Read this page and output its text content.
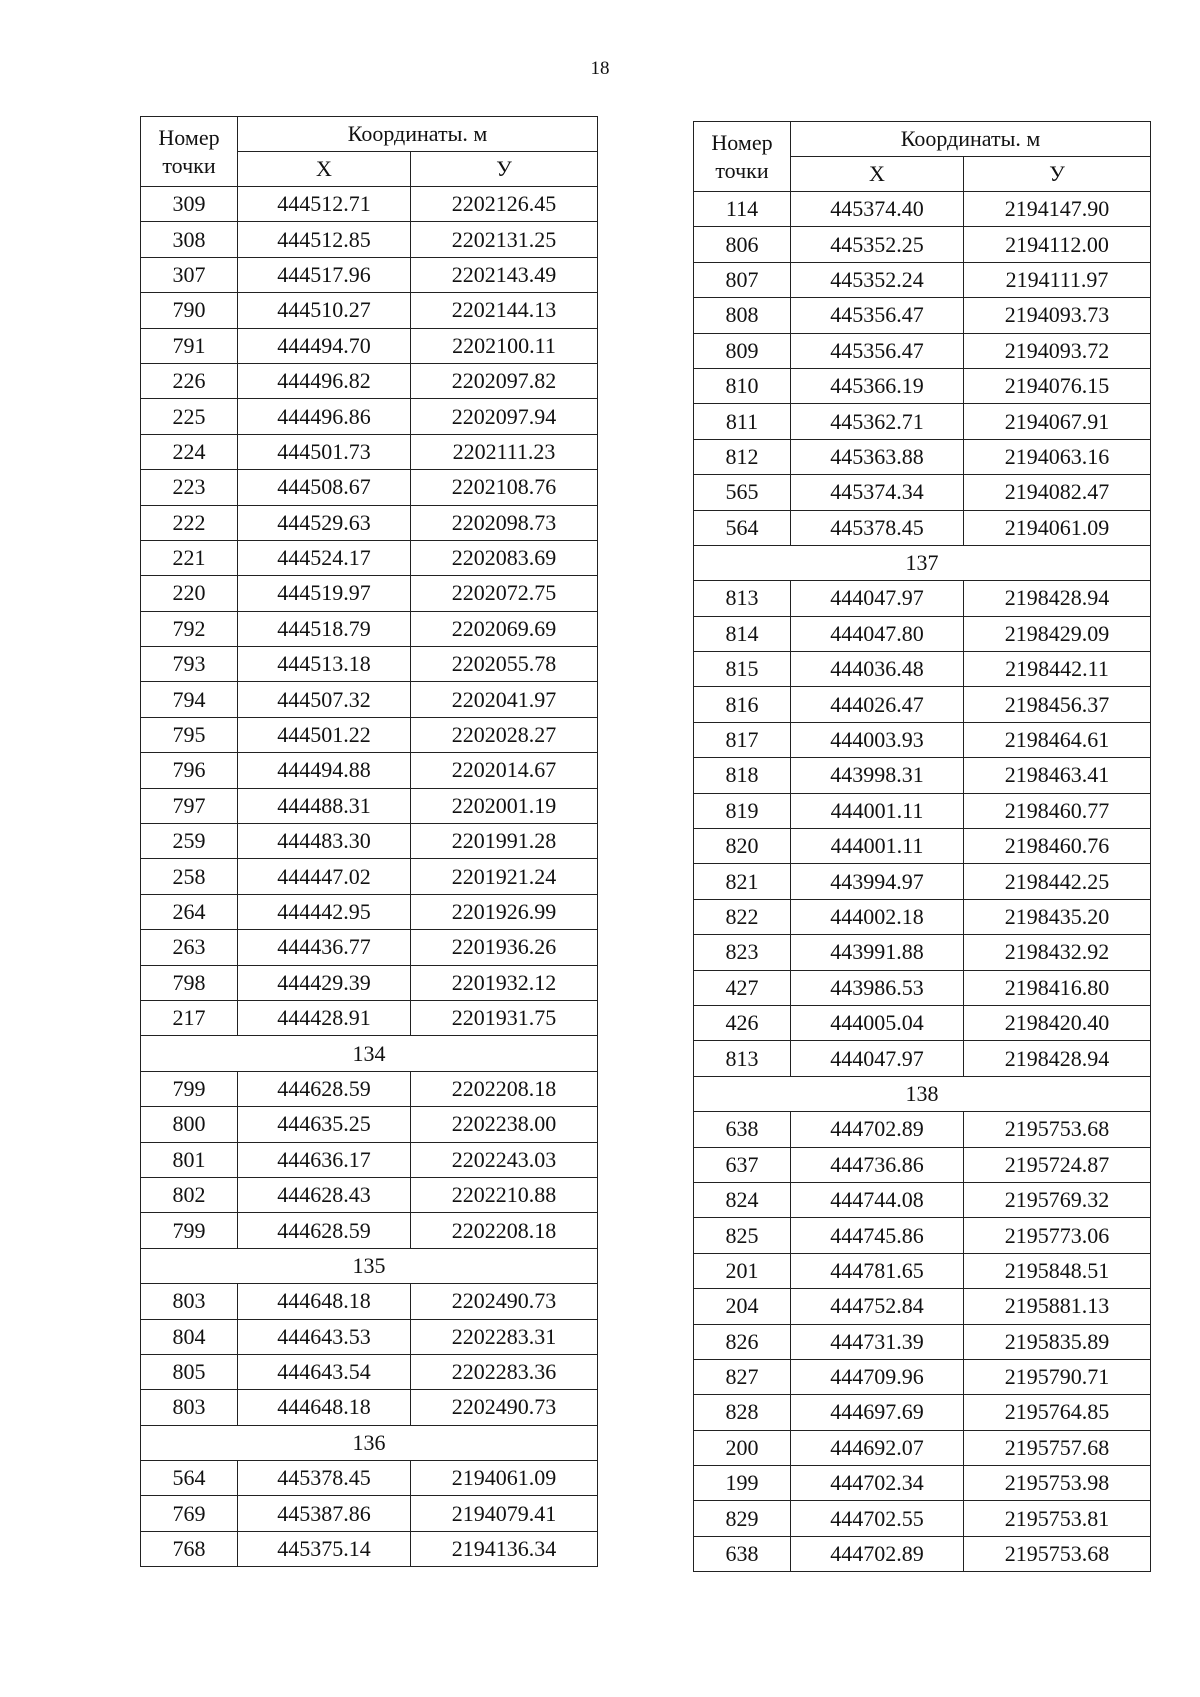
18
Номер
точки	Координаты. м	
	X	У
309	444512.71	2202126.45
308	444512.85	2202131.25
307	444517.96	2202143.49
790	444510.27	2202144.13
791	444494.70	2202100.11
226	444496.82	2202097.82
225	444496.86	2202097.94
224	444501.73	2202111.23
223	444508.67	2202108.76
222	444529.63	2202098.73
221	444524.17	2202083.69
220	444519.97	2202072.75
792	444518.79	2202069.69
793	444513.18	2202055.78
794	444507.32	2202041.97
795	444501.22	2202028.27
796	444494.88	2202014.67
797	444488.31	2202001.19
259	444483.30	2201991.28
258	444447.02	2201921.24
264	444442.95	2201926.99
263	444436.77	2201936.26
798	444429.39	2201932.12
217	444428.91	2201931.75
134		
799	444628.59	2202208.18
800	444635.25	2202238.00
801	444636.17	2202243.03
802	444628.43	2202210.88
799	444628.59	2202208.18
135		
803	444648.18	2202490.73
804	444643.53	2202283.31
805	444643.54	2202283.36
803	444648.18	2202490.73
136		
564	445378.45	2194061.09
769	445387.86	2194079.41
768	445375.14	2194136.34
Номер
точки	Координаты. м	
	X	У
114	445374.40	2194147.90
806	445352.25	2194112.00
807	445352.24	2194111.97
808	445356.47	2194093.73
809	445356.47	2194093.72
810	445366.19	2194076.15
811	445362.71	2194067.91
812	445363.88	2194063.16
565	445374.34	2194082.47
564	445378.45	2194061.09
137		
813	444047.97	2198428.94
814	444047.80	2198429.09
815	444036.48	2198442.11
816	444026.47	2198456.37
817	444003.93	2198464.61
818	443998.31	2198463.41
819	444001.11	2198460.77
820	444001.11	2198460.76
821	443994.97	2198442.25
822	444002.18	2198435.20
823	443991.88	2198432.92
427	443986.53	2198416.80
426	444005.04	2198420.40
813	444047.97	2198428.94
138		
638	444702.89	2195753.68
637	444736.86	2195724.87
824	444744.08	2195769.32
825	444745.86	2195773.06
201	444781.65	2195848.51
204	444752.84	2195881.13
826	444731.39	2195835.89
827	444709.96	2195790.71
828	444697.69	2195764.85
200	444692.07	2195757.68
199	444702.34	2195753.98
829	444702.55	2195753.81
638	444702.89	2195753.68
